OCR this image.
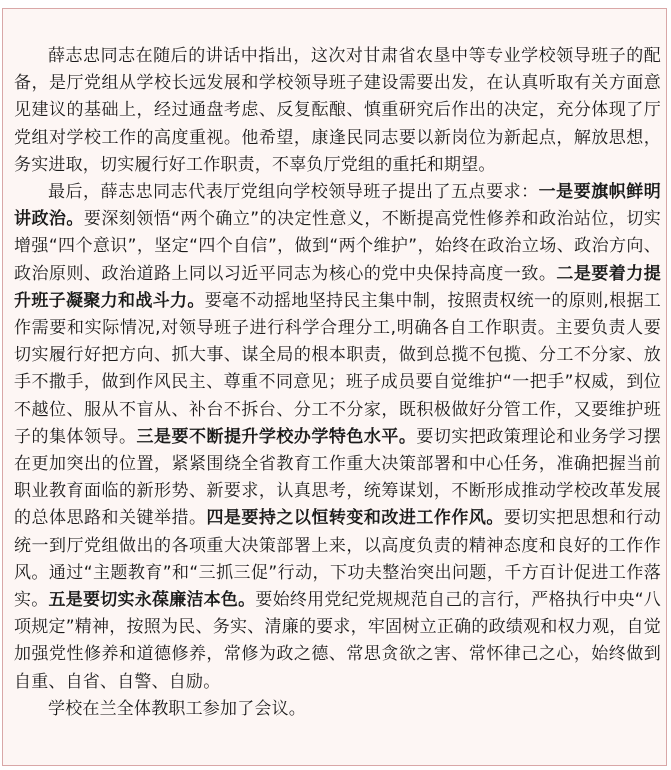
薛志忠同志在随后的讲话中指出，这次对甘肃省农垦中等专业学校领导班子的配备，是厅党组从学校长远发展和学校领导班子建设需要出发，在认真听取有关方面意见建议的基础上，经过通盘考虑、反复酝酿、慎重研究后作出的决定，充分体现了厅党组对学校工作的高度重视。他希望，康逢民同志要以新岗位为新起点，解放思想，务实进取，切实履行好工作职责，不辜负厅党组的重托和期望。

最后，薛志忠同志代表厅党组向学校领导班子提出了五点要求：一是要旗帜鲜明讲政治。要深刻领悟“两个确立”的决定性意义，不断提高党性修养和政治站位，切实增强“四个意识”，坚定“四个自信”，做到“两个维护”，始终在政治立场、政治方向、政治原则、政治道路上同以习近平同志为核心的党中央保持高度一致。二是要着力提升班子凝聚力和战斗力。要毫不动摇地坚持民主集中制，按照责权统一的原则,根据工作需要和实际情况,对领导班子进行科学合理分工,明确各自工作职责。主要负责人要切实履行好把方向、抓大事、谋全局的根本职责，做到总揽不包揽、分工不分家、放手不撒手，做到作风民主、尊重不同意见；班子成员要自觉维护“一把手”权威，到位不越位、服从不盲从、补台不拆台、分工不分家，既积极做好分管工作，又要维护班子的集体领导。三是要不断提升学校办学特色水平。要切实把政策理论和业务学习摆在更加突出的位置，紧紧围绕全省教育工作重大决策部署和中心任务，准确把握当前职业教育面临的新形势、新要求，认真思考，统筹谋划，不断形成推动学校改革发展的总体思路和关键举措。四是要持之以恒转变和改进工作作风。要切实把思想和行动统一到厅党组做出的各项重大决策部署上来，以高度负责的精神态度和良好的工作作风。通过“主题教育”和“三抓三促”行动，下功夫整治突出问题，千方百计促进工作落实。五是要切实永葆廉洁本色。要始终用党纪党规规范自己的言行，严格执行中央“八项规定”精神，按照为民、务实、清廉的要求，牢固树立正确的政绩观和权力观，自觉加强党性修养和道德修养，常修为政之德、常思贪欲之害、常怀律己之心，始终做到自重、自省、自警、自励。

学校在兰全体教职工参加了会议。
